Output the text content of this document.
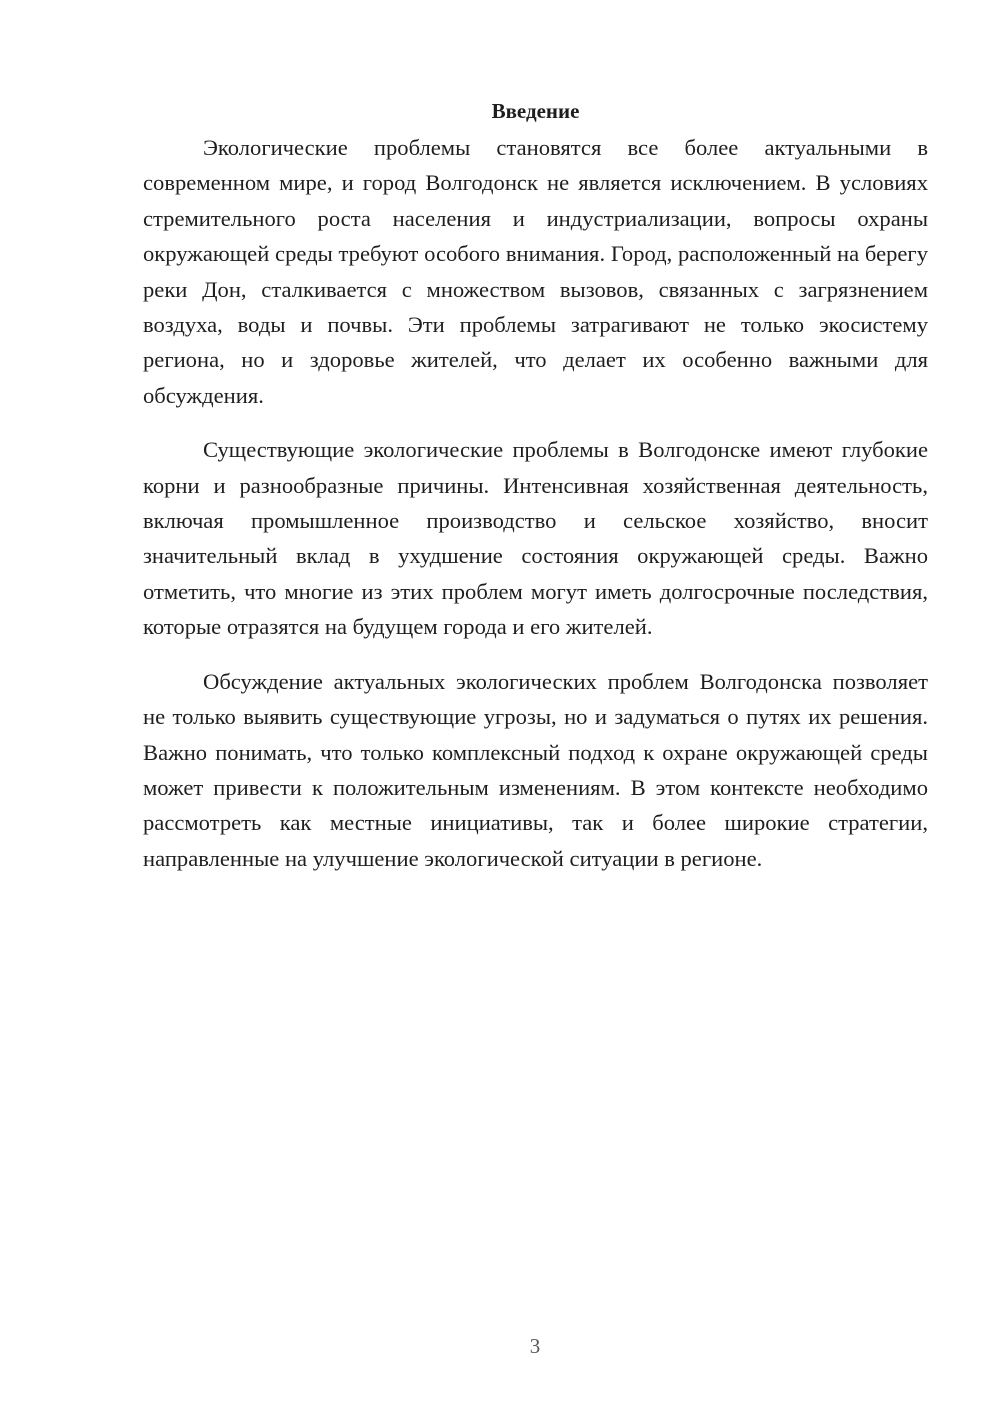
Введение

Экологические проблемы становятся все более актуальными в современном мире, и город Волгодонск не является исключением. В условиях стремительного роста населения и индустриализации, вопросы охраны окружающей среды требуют особого внимания. Город, расположенный на берегу реки Дон, сталкивается с множеством вызовов, связанных с загрязнением воздуха, воды и почвы. Эти проблемы затрагивают не только экосистему региона, но и здоровье жителей, что делает их особенно важными для обсуждения.

Существующие экологические проблемы в Волгодонске имеют глубокие корни и разнообразные причины. Интенсивная хозяйственная деятельность, включая промышленное производство и сельское хозяйство, вносит значительный вклад в ухудшение состояния окружающей среды. Важно отметить, что многие из этих проблем могут иметь долгосрочные последствия, которые отразятся на будущем города и его жителей.

Обсуждение актуальных экологических проблем Волгодонска позволяет не только выявить существующие угрозы, но и задуматься о путях их решения. Важно понимать, что только комплексный подход к охране окружающей среды может привести к положительным изменениям. В этом контексте необходимо рассмотреть как местные инициативы, так и более широкие стратегии, направленные на улучшение экологической ситуации в регионе.

3
